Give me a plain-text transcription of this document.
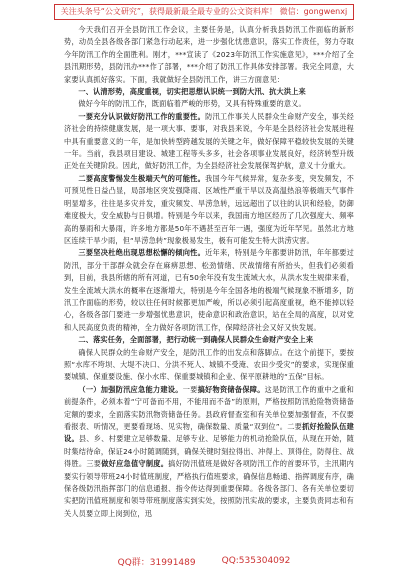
关注头条号“公文研究”，获得最新最全最专业的公文资料库！ 微信：gongwenxj

今天我们召开全县防汛工作会议，主要任务是，认真分析我县防汛工作面临的新形势，动员全县各级各部门紧急行动起来，进一步强化忧患意识，落实工作责任，努力夺取今年防汛工作的全面胜利。刚才，***宣读了《2023年防汛工作实施意见》，***介绍了全县汛期形势，县防汛办***作了部署，***介绍了防汛工作具体安排部署。我完全同意，大家要认真抓好落实。下面，我就做好全县防汛工作，讲三方面意见：

一、认清形势，高度重视，切实把思想认识统一到防大汛、抗大洪上来

做好今年的防汛工作，既面临着严峻的形势，又具有特殊重要的意义。

一要充分认识做好防汛工作的重要性。防汛工作事关人民群众生命财产安全，事关经济社会的持续健康发展，是一项大事、要事，对我县来说，今年是全县经济社会发展进程中具有重要意义的一年，是加快转型跨越发展的关键之年，做好保障平稳较快发展的关键一年。当前，我县项目建设、城建工程等头多多，社会各项事业发展良好，经济转型升级正处在关键阶段。因此，做好防汛工作，为全县经济社会发展保驾护航，意义十分重大。

二要高度警惕发生极端天气的可能性。我国今年气候异常，复杂多变，突发频发，不可预见性日益凸显，局部地区突发强降雨、区域性严重干旱以及高温热浪等极端天气事件明显增多，往往是多灾并发，重灾频发、旱涝急转，远远超出了以往的认识和经验，防御难度极大，安全威胁与日俱增。特别是今年以来，我国南方地区经历了几次强度大、频率高的暴雨和大暴雨，许多地方都是50年不遇甚至百年一遇，强度为近年罕见。虽然北方地区连续干旱少雨，但“旱涝急转”现象极易发生，极有可能发生特大洪涝灾害。

三要坚决杜绝出现思想松懈的倾向性。近年来，特别是今年都要讲防汛，年年都要过防汛，部分干部群众就会存在麻痹思想、松劲情绪、厌战情绪有所抬头，但我们必须看到，目前，我县所辖的所有河道，已有50余年没有发生流域大水，从洪水发生规律来看，发生全流域大洪水的概率在逐渐增大，特别是今年全国各地的极端气候现象不断增多，防汛工作面临的形势，较以往任何时候都更加严峻，所以必须引起高度重视，绝不能掉以轻心，各级各部门要进一步增强忧患意识，使命意识和政治意识，站在全局的高度，以对党和人民高度负责的精神，全力做好各项防汛工作，保障经济社会又好又快发展。

二、落实任务，全面部署，把行动统一到确保人民群众生命财产安全上来

确保人民群众的生命财产安全，是防汛工作的出发点和落脚点。在这个前提下，要按照“水库不垮坝、大堤不决口、分洪不死人、城镇不受淹、农田少受灾”的要求，实现保重要城镇、保重要设施、保小水库、保重要城镇和企业、保平原耕地的“五保”目标。

（一）加强防汛应急能力建设。一要搞好物资储备保障。这是防汛工作的重中之重和前提条件，必须本着“宁可备而不用，不能用而不备”的原则，严格按照防汛抢险物资储备定额的要求，全面落实防汛物资储备任务。县政府督查室和有关单位要加强督查，不仅要看报表、听情况，更要看现场、见实物，确保数量、质量“双到位”。二要抓好抢险队伍建设。县、乡、村要建立足够数量、足够专业、足够能力的机动抢险队伍，从现在开始，随时集结待命，保证24小时随调随到，确保关键时刻拉得出、冲得上、顶得住，防得住、战得胜。三要做好应急值守制度。搞好防汛值班是做好各项防汛工作的首要环节，主汛期内要实行领导带班24小时值班制度，严格执行值班要求，确保信息畅通、指挥调度有序，确保各级防汛指挥部门的信息通报、指令传达得到重要保障。各级各部门、各有关单位要切实把防汛值班制度和领导带班制度落实到实处，按照防汛实战的要求，主要负责同志和有关人员要立即上岗到位，迅

QQ群：31991489	QQ:535304092
